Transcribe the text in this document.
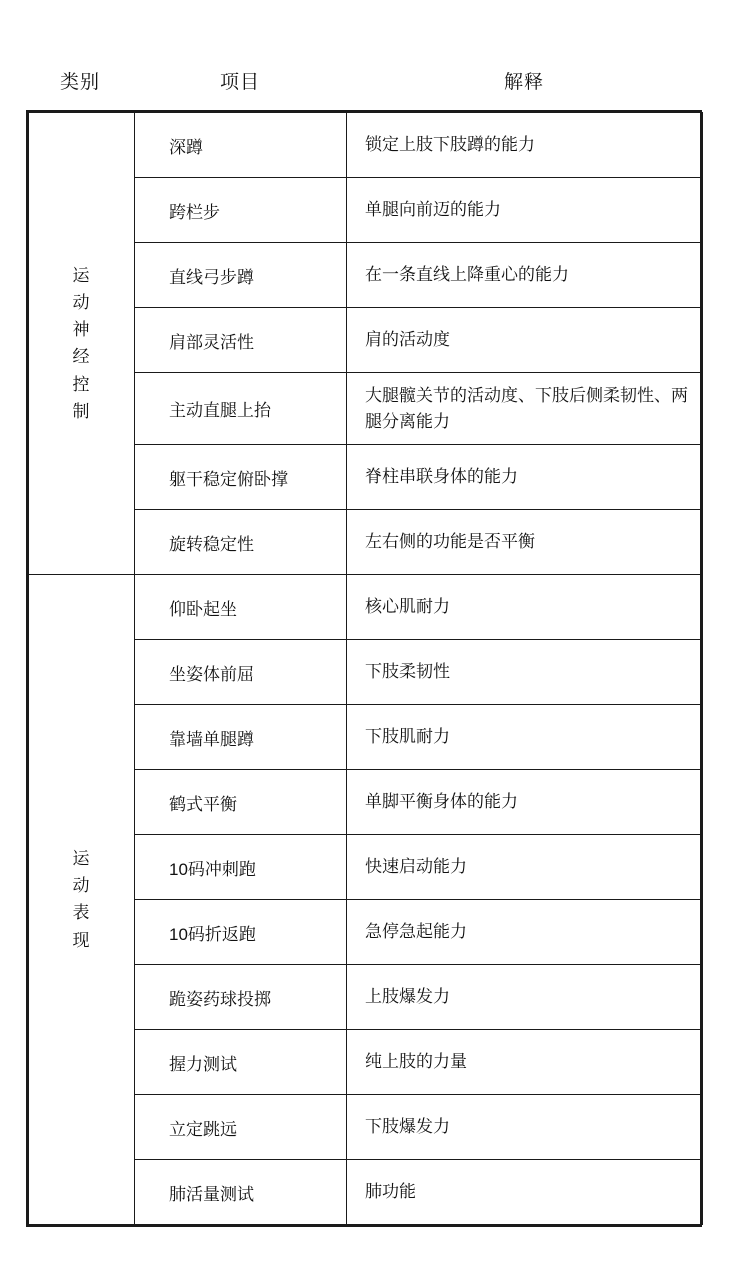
类别	项目	解释
运动神经控制	深蹲	锁定上肢下肢蹲的能力
	跨栏步	单腿向前迈的能力
	直线弓步蹲	在一条直线上降重心的能力
	肩部灵活性	肩的活动度
	主动直腿上抬	大腿髋关节的活动度、下肢后侧柔韧性、两腿分离能力
	躯干稳定俯卧撑	脊柱串联身体的能力
	旋转稳定性	左右侧的功能是否平衡
运动表现	仰卧起坐	核心肌耐力
	坐姿体前屈	下肢柔韧性
	靠墙单腿蹲	下肢肌耐力
	鹤式平衡	单脚平衡身体的能力
	10码冲刺跑	快速启动能力
	10码折返跑	急停急起能力
	跪姿药球投掷	上肢爆发力
	握力测试	纯上肢的力量
	立定跳远	下肢爆发力
	肺活量测试	肺功能
